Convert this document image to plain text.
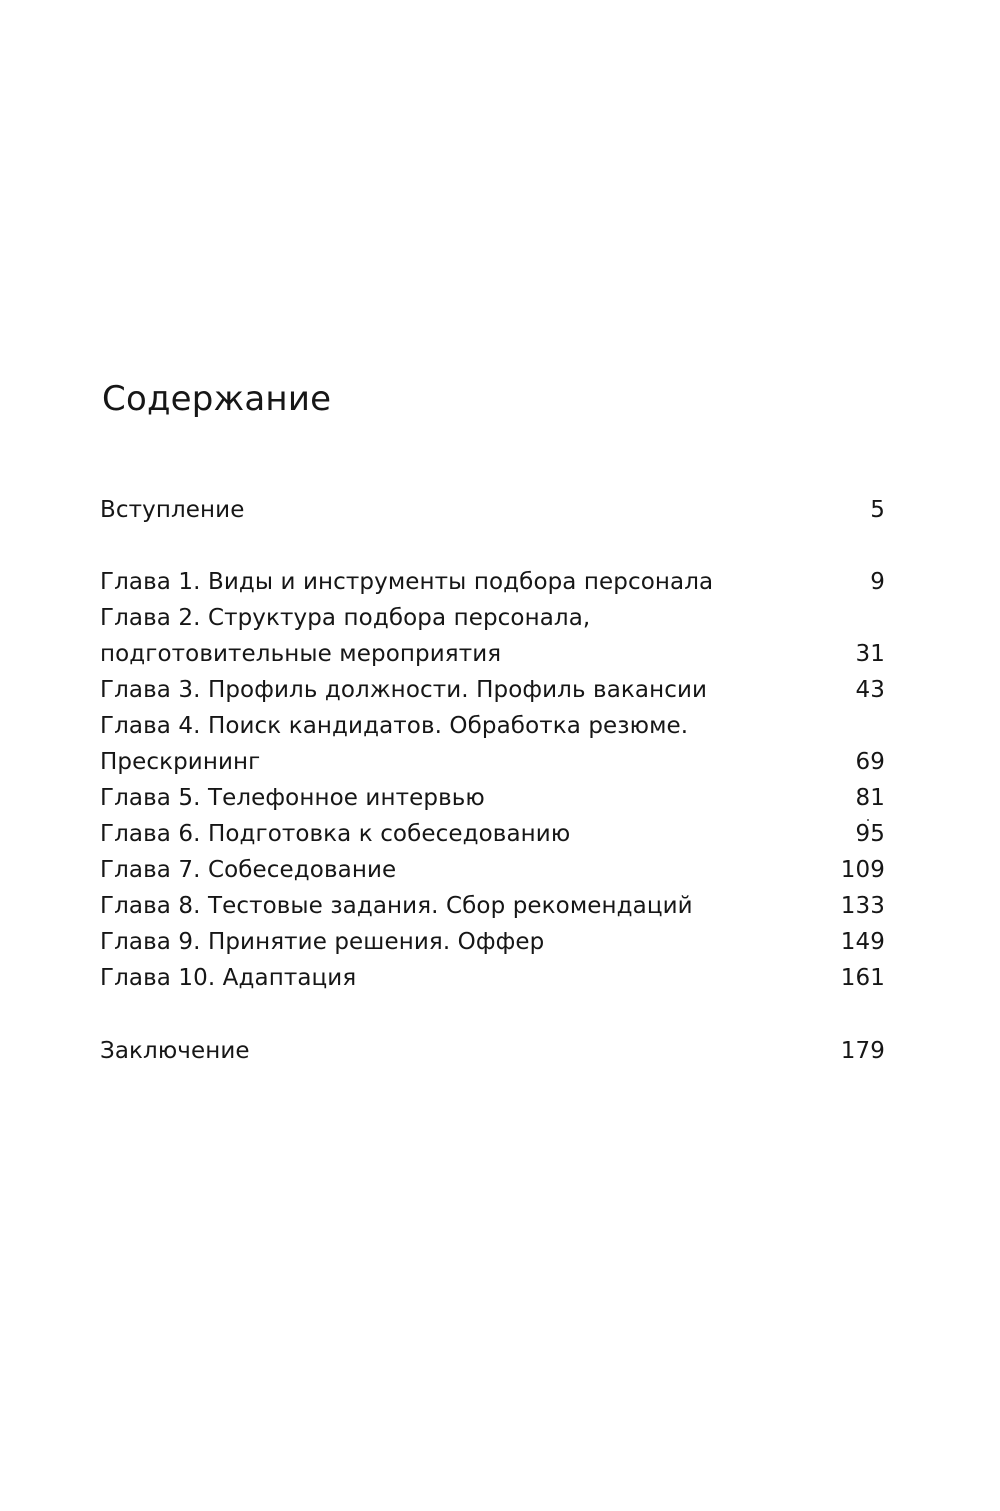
Содержание
Вступление	5
Глава 1. Виды и инструменты подбора персонала	9
Глава 2. Структура подбора персонала,
подготовительные мероприятия	31
Глава 3. Профиль должности. Профиль вакансии	43
Глава 4. Поиск кандидатов. Обработка резюме.
Прескрининг	69
Глава 5. Телефонное интервью	81
Глава 6. Подготовка к собеседованию	95
Глава 7. Собеседование	109
Глава 8. Тестовые задания. Сбор рекомендаций	133
Глава 9. Принятие решения. Оффер	149
Глава 10. Адаптация	161
Заключение	179
